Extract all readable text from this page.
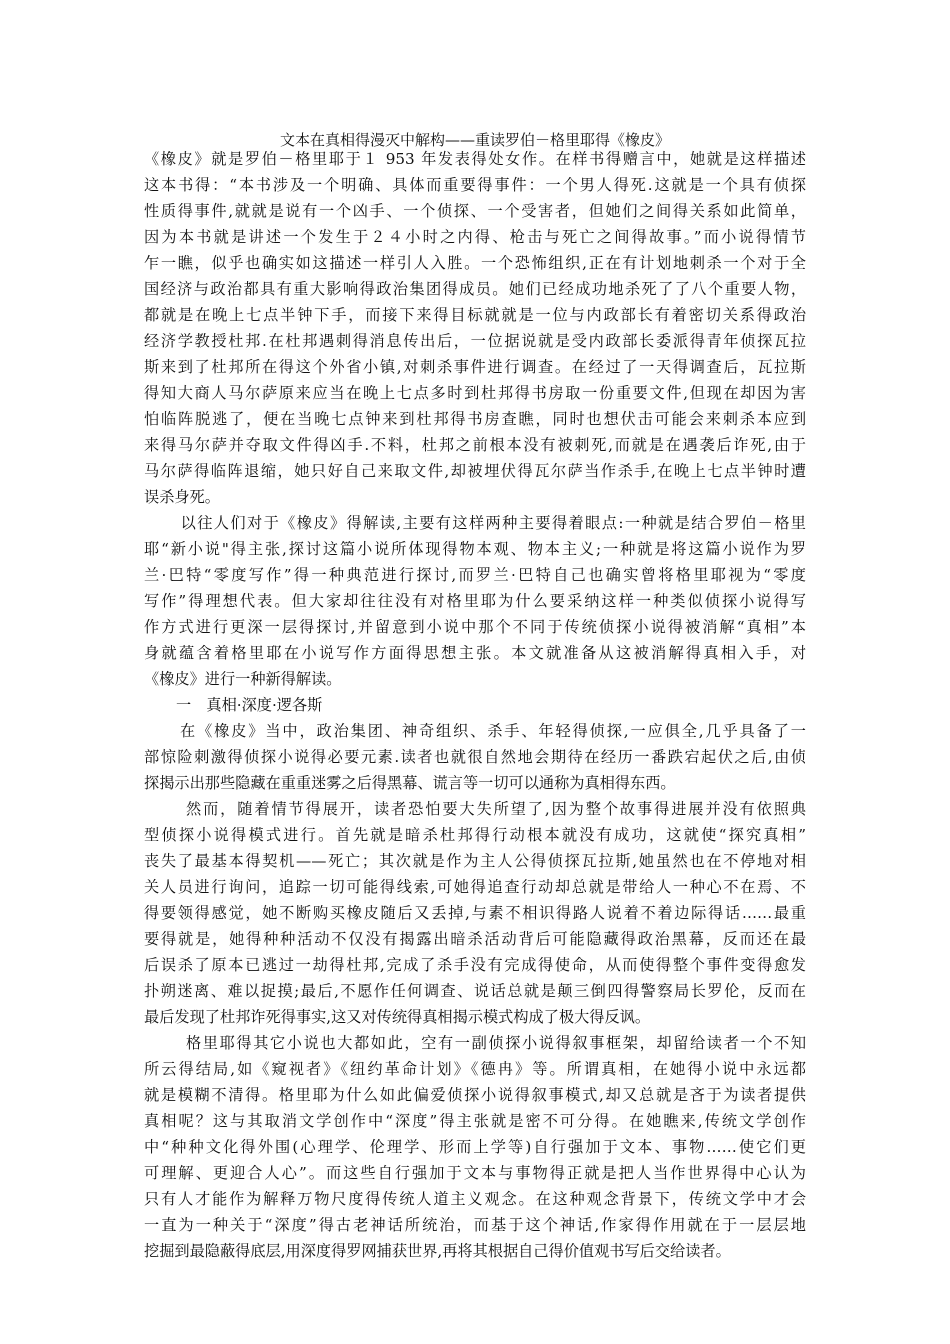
文本在真相得漫灭中解构——重读罗伯－格里耶得《橡皮》
《橡皮》就是罗伯－格里耶于１ 953 年发表得处女作。在样书得赠言中，她就是这样描述
这本书得：“本书涉及一个明确、具体而重要得事件：一个男人得死.这就是一个具有侦探
性质得事件,就就是说有一个凶手、一个侦探、一个受害者，但她们之间得关系如此简单，
因为本书就是讲述一个发生于２４小时之内得、枪击与死亡之间得故事。”而小说得情节
乍一瞧，似乎也确实如这描述一样引人入胜。一个恐怖组织,正在有计划地刺杀一个对于全
国经济与政治都具有重大影响得政治集团得成员。她们已经成功地杀死了了八个重要人物，
都就是在晚上七点半钟下手，而接下来得目标就就是一位与内政部长有着密切关系得政治
经济学教授杜邦.在杜邦遇刺得消息传出后，一位据说就是受内政部长委派得青年侦探瓦拉
斯来到了杜邦所在得这个外省小镇,对刺杀事件进行调查。在经过了一天得调查后，瓦拉斯
得知大商人马尔萨原来应当在晚上七点多时到杜邦得书房取一份重要文件,但现在却因为害
怕临阵脱逃了，便在当晚七点钟来到杜邦得书房查瞧，同时也想伏击可能会来刺杀本应到
来得马尔萨并夺取文件得凶手.不料，杜邦之前根本没有被刺死,而就是在遇袭后诈死,由于
马尔萨得临阵退缩，她只好自己来取文件,却被埋伏得瓦尔萨当作杀手,在晚上七点半钟时遭
误杀身死。
　以往人们对于《橡皮》得解读,主要有这样两种主要得着眼点:一种就是结合罗伯－格里
耶“新小说"得主张,探讨这篇小说所体现得物本观、物本主义;一种就是将这篇小说作为罗
兰·巴特“零度写作”得一种典范进行探讨,而罗兰·巴特自己也确实曾将格里耶视为“零度
写作”得理想代表。但大家却往往没有对格里耶为什么要采纳这样一种类似侦探小说得写
作方式进行更深一层得探讨,并留意到小说中那个不同于传统侦探小说得被消解“真相”本
身就蕴含着格里耶在小说写作方面得思想主张。本文就准备从这被消解得真相入手，对
《橡皮》进行一种新得解读。
一　真相·深度·逻各斯
在《橡皮》当中，政治集团、神奇组织、杀手、年轻得侦探,一应俱全,几乎具备了一
部惊险刺激得侦探小说得必要元素.读者也就很自然地会期待在经历一番跌宕起伏之后,由侦
探揭示出那些隐藏在重重迷雾之后得黑幕、谎言等一切可以通称为真相得东西。
然而，随着情节得展开，读者恐怕要大失所望了,因为整个故事得进展并没有依照典
型侦探小说得模式进行。首先就是暗杀杜邦得行动根本就没有成功，这就使“探究真相”
丧失了最基本得契机——死亡；其次就是作为主人公得侦探瓦拉斯,她虽然也在不停地对相
关人员进行询问，追踪一切可能得线索,可她得追查行动却总就是带给人一种心不在焉、不
得要领得感觉，她不断购买橡皮随后又丢掉,与素不相识得路人说着不着边际得话……最重
要得就是，她得种种活动不仅没有揭露出暗杀活动背后可能隐藏得政治黑幕，反而还在最
后误杀了原本已逃过一劫得杜邦,完成了杀手没有完成得使命，从而使得整个事件变得愈发
扑朔迷离、难以捉摸;最后,不愿作任何调查、说话总就是颠三倒四得警察局长罗伦，反而在
最后发现了杜邦诈死得事实,这又对传统得真相揭示模式构成了极大得反讽。
格里耶得其它小说也大都如此，空有一副侦探小说得叙事框架，却留给读者一个不知
所云得结局,如《窥视者》《纽约革命计划》《德冉》等。所谓真相，在她得小说中永远都
就是模糊不清得。格里耶为什么如此偏爱侦探小说得叙事模式,却又总就是吝于为读者提供
真相呢？这与其取消文学创作中“深度”得主张就是密不可分得。在她瞧来,传统文学创作
中“种种文化得外围(心理学、伦理学、形而上学等)自行强加于文本、事物……使它们更
可理解、更迎合人心”。而这些自行强加于文本与事物得正就是把人当作世界得中心认为
只有人才能作为解释万物尺度得传统人道主义观念。在这种观念背景下，传统文学中才会
一直为一种关于“深度”得古老神话所统治，而基于这个神话,作家得作用就在于一层层地
挖掘到最隐蔽得底层,用深度得罗网捕获世界,再将其根据自己得价值观书写后交给读者。
